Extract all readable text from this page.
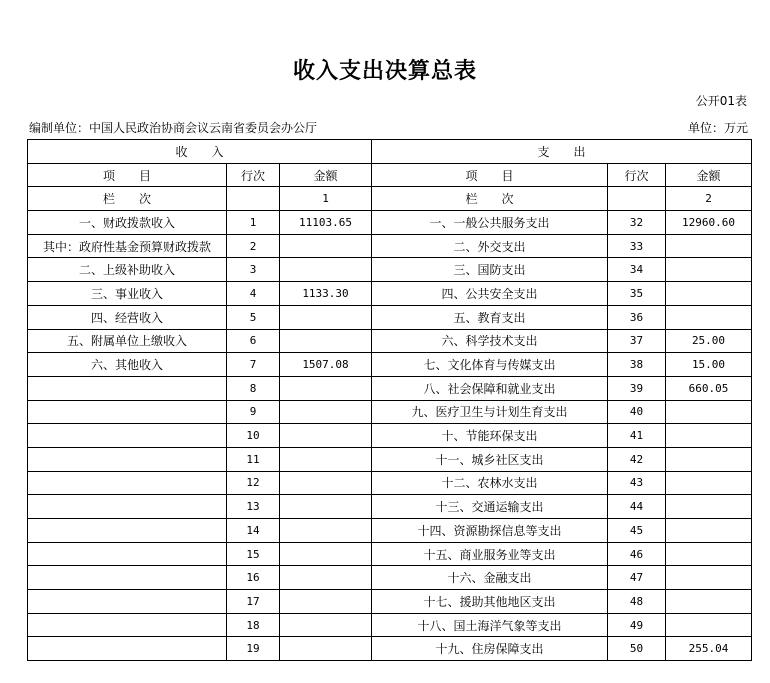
收入支出决算总表
公开01表
编制单位：中国人民政治协商会议云南省委员会办公厅	单位：万元
收　　入			支　　出		
项　　目	行次	金额	项　　目	行次	金额
栏　　次		1	栏　　次		2
一、财政拨款收入	1	11103.65	一、一般公共服务支出	32	12960.60
其中：政府性基金预算财政拨款	2		二、外交支出	33	
二、上级补助收入	3		三、国防支出	34	
三、事业收入	4	1133.30	四、公共安全支出	35	
四、经营收入	5		五、教育支出	36	
五、附属单位上缴收入	6		六、科学技术支出	37	25.00
六、其他收入	7	1507.08	七、文化体育与传媒支出	38	15.00
	8		八、社会保障和就业支出	39	660.05
	9		九、医疗卫生与计划生育支出	40	
	10		十、节能环保支出	41	
	11		十一、城乡社区支出	42	
	12		十二、农林水支出	43	
	13		十三、交通运输支出	44	
	14		十四、资源勘探信息等支出	45	
	15		十五、商业服务业等支出	46	
	16		十六、金融支出	47	
	17		十七、援助其他地区支出	48	
	18		十八、国土海洋气象等支出	49	
	19		十九、住房保障支出	50	255.04
